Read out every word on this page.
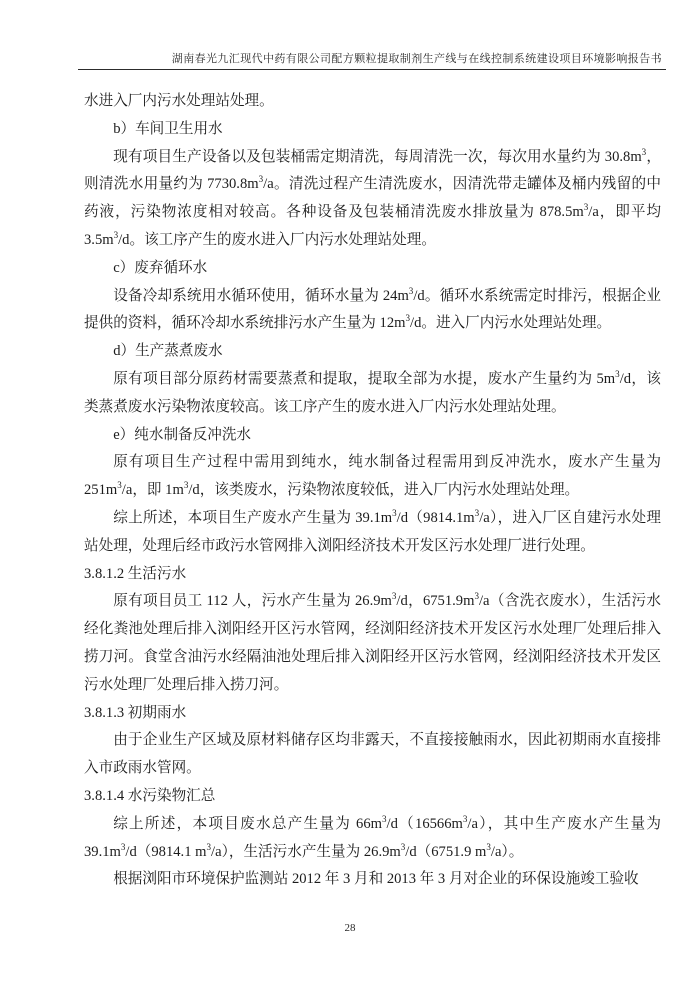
湖南春光九汇现代中药有限公司配方颗粒提取制剂生产线与在线控制系统建设项目环境影响报告书

水进入厂内污水处理站处理。

b）车间卫生用水

现有项目生产设备以及包装桶需定期清洗，每周清洗一次，每次用水量约为 $30.8m^3$，则清洗水用量约为 $7730.8m^3/a$。清洗过程产生清洗废水，因清洗带走罐体及桶内残留的中药液，污染物浓度相对较高。各种设备及包装桶清洗废水排放量为 $878.5m^3/a$，即平均 $3.5m^3/d$。该工序产生的废水进入厂内污水处理站处理。

c）废弃循环水

设备冷却系统用水循环使用，循环水量为 $24m^3/d$。循环水系统需定时排污，根据企业提供的资料，循环冷却水系统排污水产生量为 $12m^3/d$。进入厂内污水处理站处理。

d）生产蒸煮废水

原有项目部分原药材需要蒸煮和提取，提取全部为水提，废水产生量约为 $5m^3/d$，该类蒸煮废水污染物浓度较高。该工序产生的废水进入厂内污水处理站处理。

e）纯水制备反冲洗水

原有项目生产过程中需用到纯水，纯水制备过程需用到反冲洗水，废水产生量为 $251m^3/a$，即 $1m^3/d$，该类废水，污染物浓度较低，进入厂内污水处理站处理。

综上所述，本项目生产废水产生量为 $39.1m^3/d(9814.1m^3/a)$，进入厂区自建污水处理站处理，处理后经市政污水管网排入浏阳经济技术开发区污水处理厂进行处理。

3.8.1.2 生活污水

原有项目员工 112 人，污水产生量为 $26.9m^3/d$，$6751.9m^3/a$（含洗衣废水），生活污水经化粪池处理后排入浏阳经开区污水管网，经浏阳经济技术开发区污水处理厂处理后排入捞刀河。食堂含油污水经隔油池处理后排入浏阳经开区污水管网，经浏阳经济技术开发区污水处理厂处理后排入捞刀河。

3.8.1.3 初期雨水

由于企业生产区域及原材料储存区均非露天，不直接接触雨水，因此初期雨水直接排入市政雨水管网。

3.8.1.4 水污染物汇总

综上所述，本项目废水总产生量为 $66m^3/d(16566m^3/a)$，其中生产废水产生量为 $39.1m^3/d(9814.1$ $m^3/a$），生活污水产生量为 $26.9m^3/d(6751.9$ $m^3/a$）。

根据浏阳市环境保护监测站 2012 年 3 月和 2013 年 3 月对企业的环保设施竣工验收

28
